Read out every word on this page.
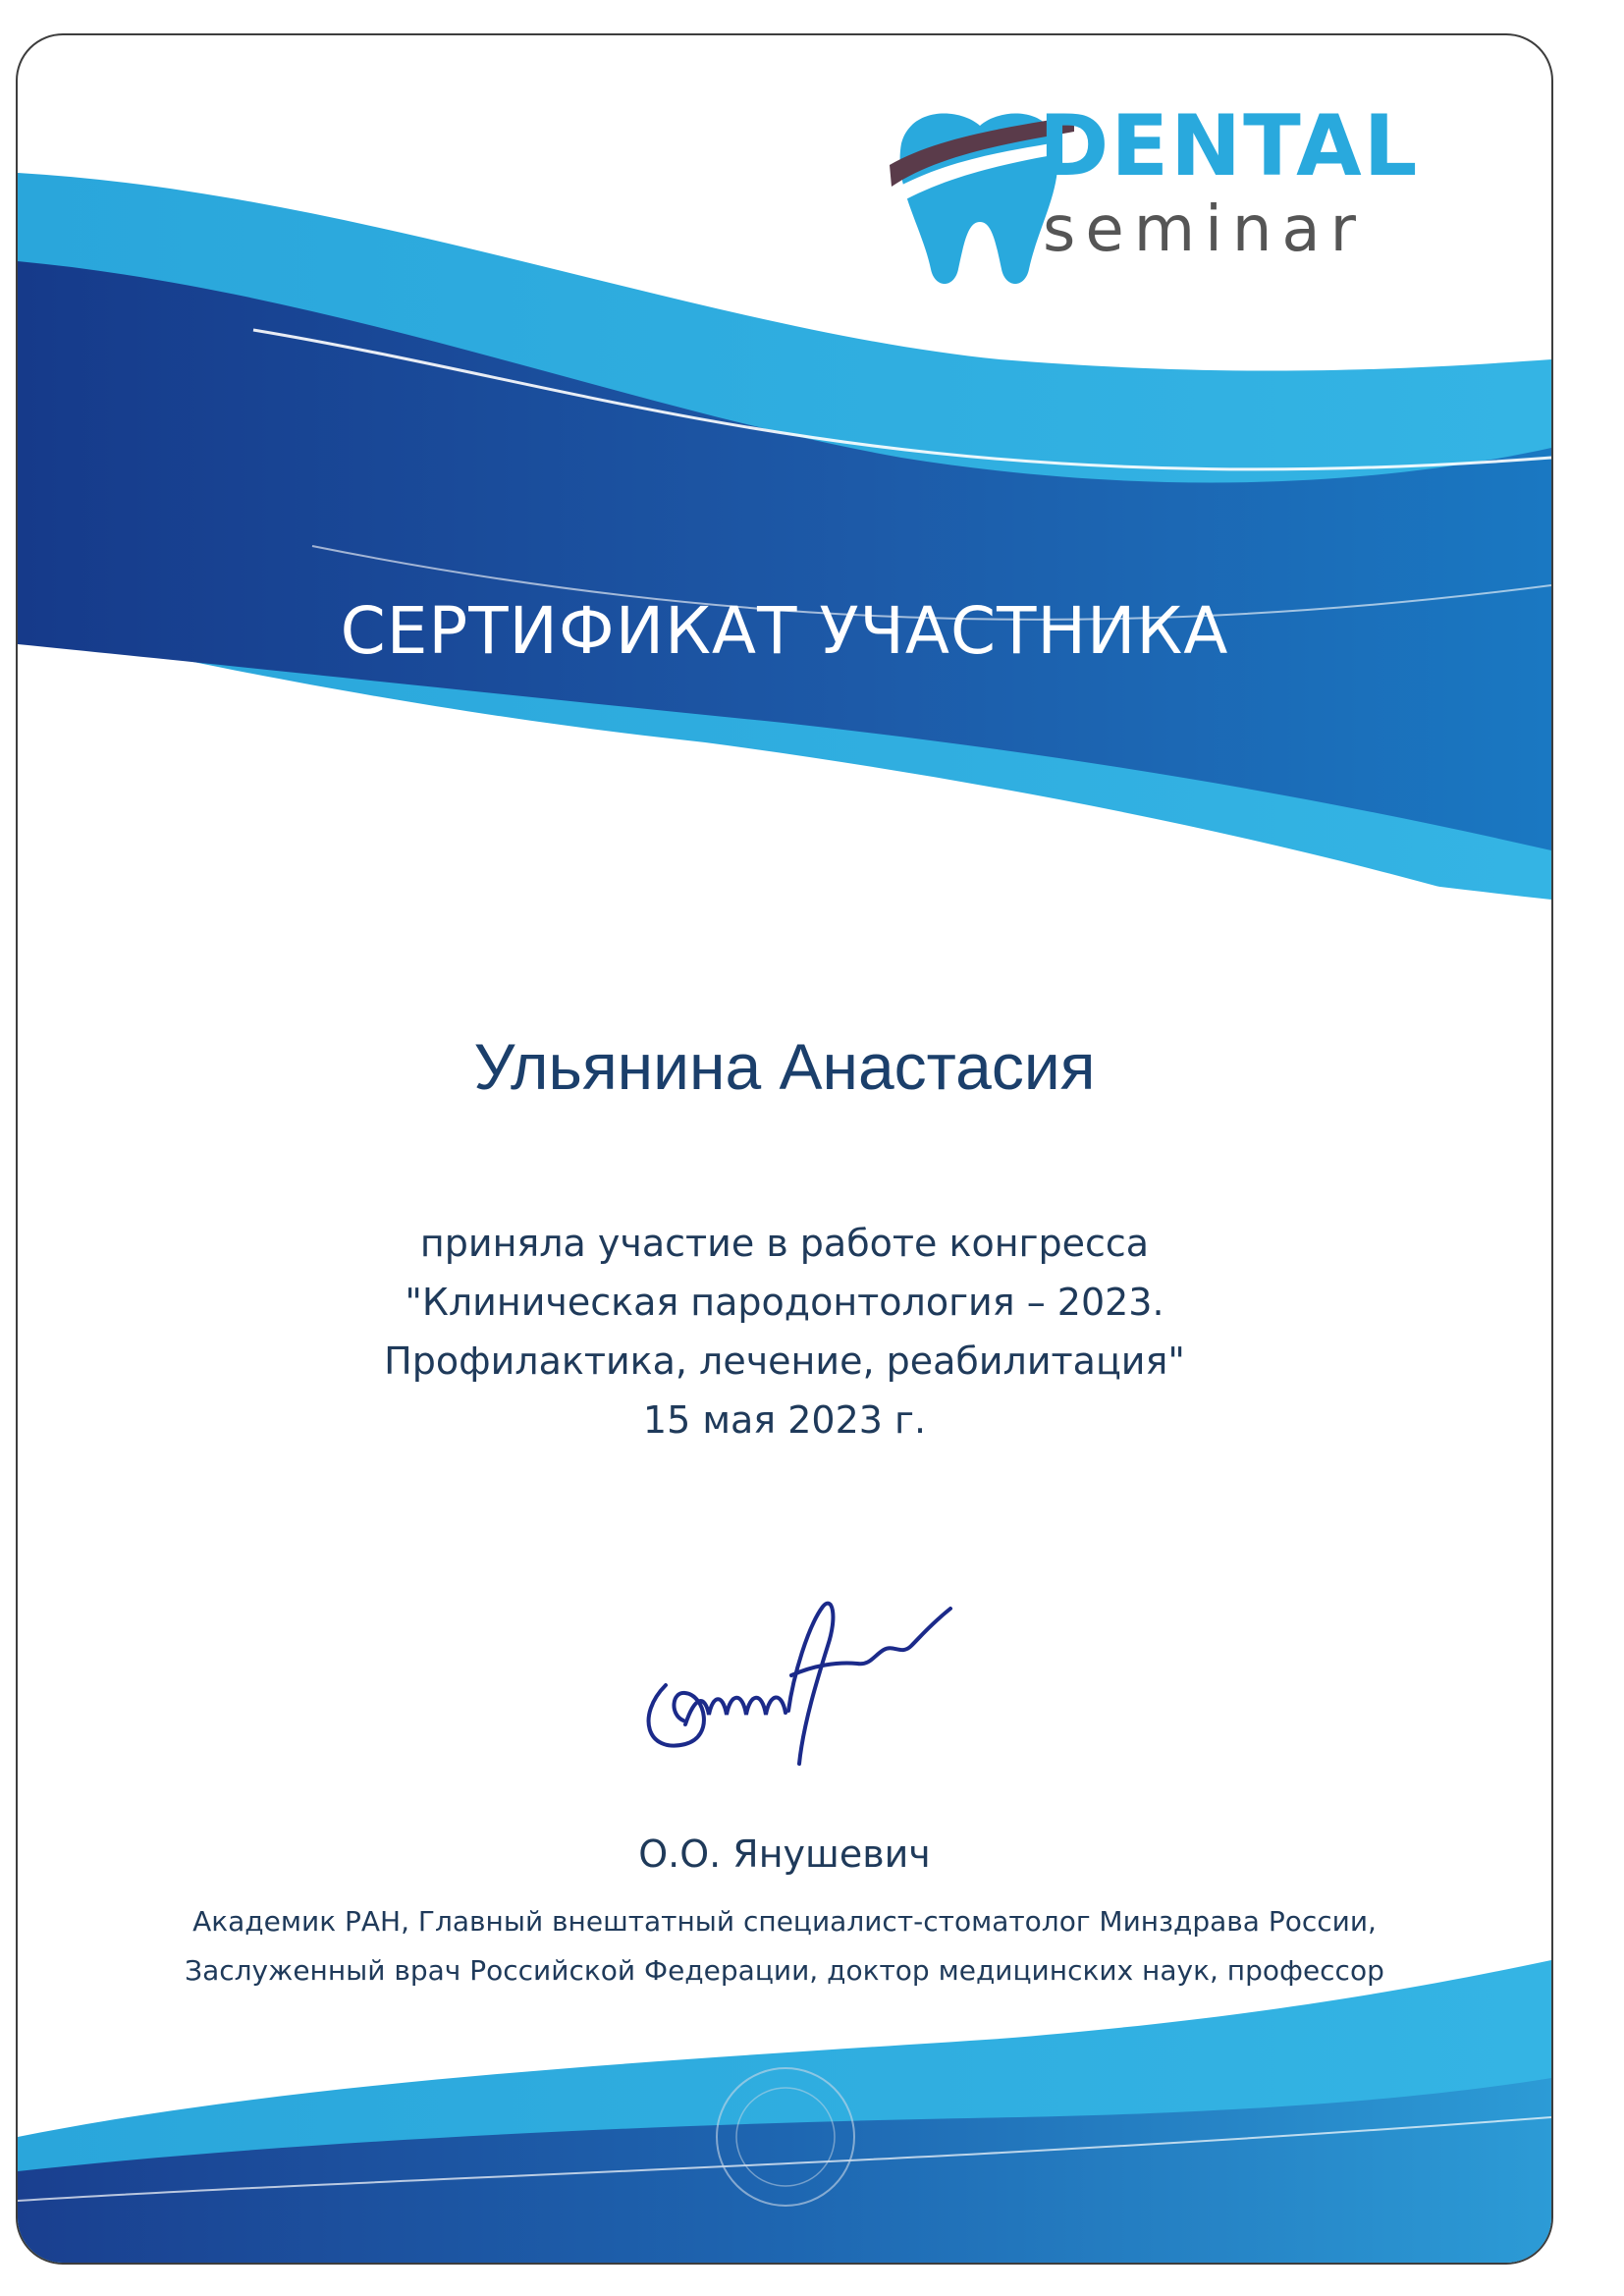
DENTAL
seminar
СЕРТИФИКАТ УЧАСТНИКА
Ульянина Анастасия
приняла участие в работе конгресса
"Клиническая пародонтология – 2023.
Профилактика, лечение, реабилитация"
15 мая 2023 г.
О.О. Янушевич
Академик РАН, Главный внештатный специалист-стоматолог Минздрава России,
Заслуженный врач Российской Федерации, доктор медицинских наук, профессор
